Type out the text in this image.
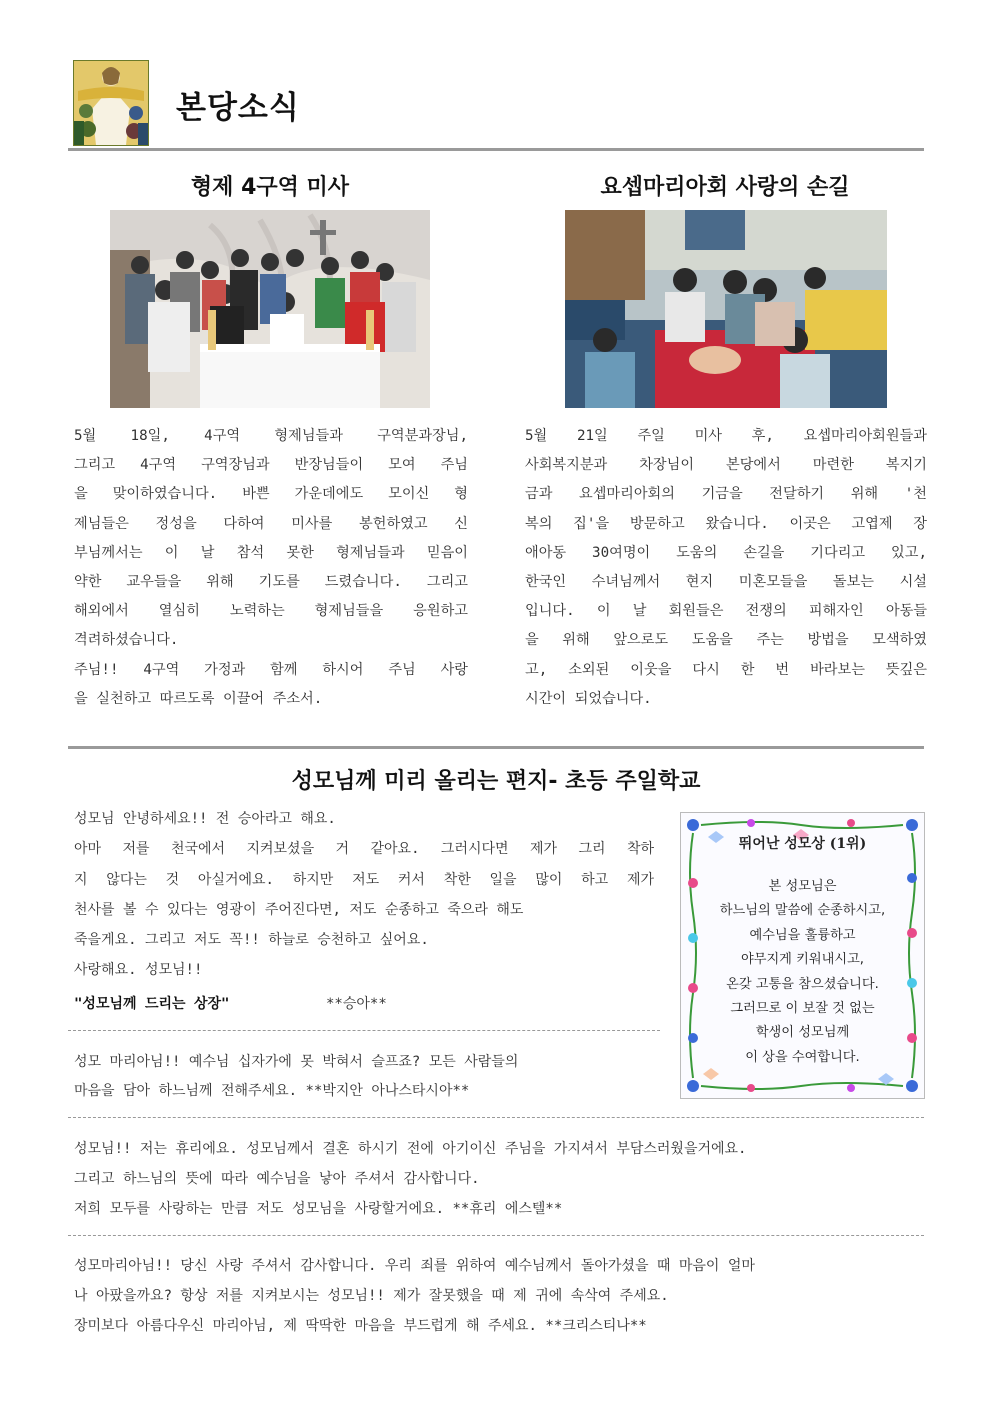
본당소식
형제 4구역 미사

5월 18일, 4구역 형제님들과 구역분과장님,

그리고 4구역 구역장님과 반장님들이 모여 주님

을 맞이하였습니다. 바쁜 가운데에도 모이신 형

제님들은 정성을 다하여 미사를 봉헌하였고 신

부님께서는 이 날 참석 못한 형제님들과 믿음이

약한 교우들을 위해 기도를 드렸습니다. 그리고

해외에서 열심히 노력하는 형제님들을 응원하고

격려하셨습니다.

주님!! 4구역 가정과 함께 하시어 주님 사랑

을 실천하고 따르도록 이끌어 주소서.

요셉마리아회 사랑의 손길

5월 21일 주일 미사 후, 요셉마리아회원들과

사회복지분과 차장님이 본당에서 마련한 복지기

금과 요셉마리아회의 기금을 전달하기 위해 '천

복의 집'을 방문하고 왔습니다. 이곳은 고엽제 장

애아동 30여명이 도움의 손길을 기다리고 있고,

한국인 수녀님께서 현지 미혼모들을 돌보는 시설

입니다. 이 날 회원들은 전쟁의 피해자인 아동들

을 위해 앞으로도 도움을 주는 방법을 모색하였

고, 소외된 이웃을 다시 한 번 바라보는 뜻깊은

시간이 되었습니다.

성모님께 미리 올리는 편지- 초등 주일학교
성모님 안녕하세요!! 전 승아라고 해요.
아마 저를 천국에서 지켜보셨을 거 같아요. 그러시다면 제가 그리 착하
지 않다는 것 아실거에요. 하지만 저도 커서 착한 일을 많이 하고 제가
천사를 볼 수 있다는 영광이 주어진다면, 저도 순종하고 죽으라 해도
죽을게요. 그리고 저도 꼭!! 하늘로 승천하고 싶어요.
사랑해요. 성모님!!
"성모님께 드리는 상장"	**승아**
성모 마리아님!! 예수님 십자가에 못 박혀서 슬프죠? 모든 사람들의
마음을 담아 하느님께 전해주세요. **박지안 아나스타시아**
뛰어난 성모상 (1위)
본 성모님은
하느님의 말씀에 순종하시고,
예수님을 훌륭하고
야무지게 키워내시고,
온갖 고통을 참으셨습니다.
그러므로 이 보잘 것 없는
학생이 성모님께
이 상을 수여합니다.
성모님!! 저는 휴리에요. 성모님께서 결혼 하시기 전에 아기이신 주님을 가지셔서 부담스러웠을거에요.
그리고 하느님의 뜻에 따라 예수님을 낳아 주셔서 감사합니다.
저희 모두를 사랑하는 만큼 저도 성모님을 사랑할거에요. **휴리 에스텔**
성모마리아님!! 당신 사랑 주셔서 감사합니다. 우리 죄를 위하여 예수님께서 돌아가셨을 때 마음이 얼마
나 아팠을까요? 항상 저를 지켜보시는 성모님!! 제가 잘못했을 때 제 귀에 속삭여 주세요.
장미보다 아름다우신 마리아님, 제 딱딱한 마음을 부드럽게 해 주세요. **크리스티나**
